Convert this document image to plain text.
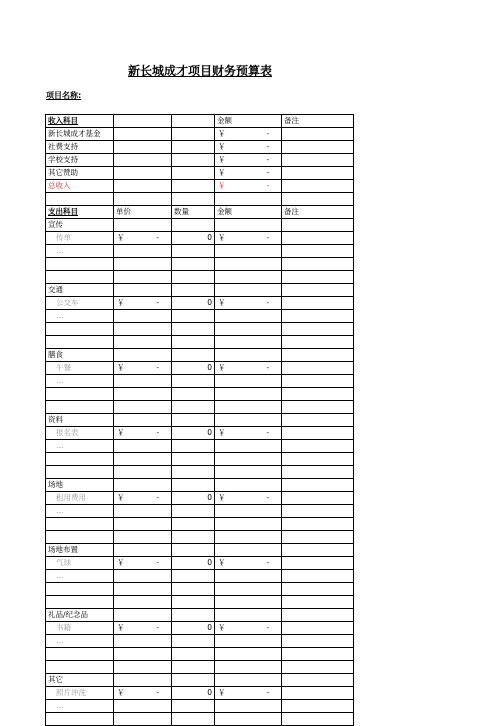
新长城成才项目财务预算表
项目名称:
收入科目			金额	备注
新长城成才基金			￥ -	

社费支持			￥ -	

学校支持			￥ -	

其它赞助			￥ -	

总收入			￥ -	

支出科目	单价	数量	金额	备注
宣传				
传单	￥ -	0	￥ -	

…				

交通				
公交车	￥ -	0	￥ -	

…				

膳食				
午餐	￥ -	0	￥ -	

…				

资料				
报名表	￥ -	0	￥ -	

…				

场地				
租用费用	￥ -	0	￥ -	

…				

场地布置				
气球	￥ -	0	￥ -	

…				

礼品/纪念品				
书籍	￥ -	0	￥ -	

…				

其它				
照片冲洗	￥ -	0	￥ -	

…				
